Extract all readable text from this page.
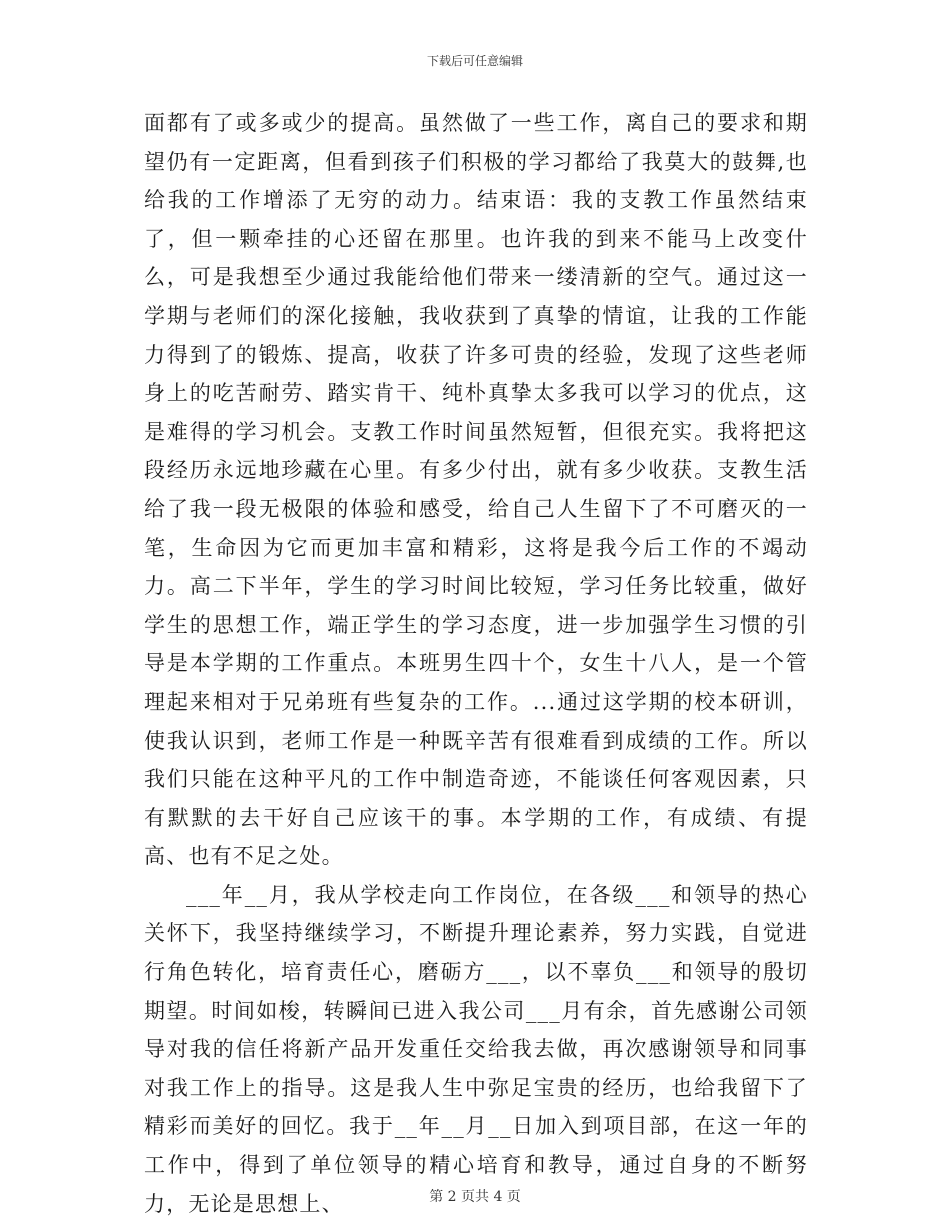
下载后可任意编辑

面都有了或多或少的提高。虽然做了一些工作，离自己的要求和期望仍有一定距离，但看到孩子们积极的学习都给了我莫大的鼓舞,也给我的工作增添了无穷的动力。结束语：我的支教工作虽然结束了，但一颗牵挂的心还留在那里。也许我的到来不能马上改变什么，可是我想至少通过我能给他们带来一缕清新的空气。通过这一学期与老师们的深化接触，我收获到了真挚的情谊，让我的工作能力得到了的锻炼、提高，收获了许多可贵的经验，发现了这些老师身上的吃苦耐劳、踏实肯干、纯朴真挚太多我可以学习的优点，这是难得的学习机会。支教工作时间虽然短暂，但很充实。我将把这段经历永远地珍藏在心里。有多少付出，就有多少收获。支教生活给了我一段无极限的体验和感受，给自己人生留下了不可磨灭的一笔，生命因为它而更加丰富和精彩，这将是我今后工作的不竭动力。高二下半年，学生的学习时间比较短，学习任务比较重，做好学生的思想工作，端正学生的学习态度，进一步加强学生习惯的引导是本学期的工作重点。本班男生四十个，女生十八人，是一个管理起来相对于兄弟班有些复杂的工作。...通过这学期的校本研训，使我认识到，老师工作是一种既辛苦有很难看到成绩的工作。所以我们只能在这种平凡的工作中制造奇迹，不能谈任何客观因素，只有默默的去干好自己应该干的事。本学期的工作，有成绩、有提高、也有不足之处。

___年__月，我从学校走向工作岗位，在各级___和领导的热心关怀下，我坚持继续学习，不断提升理论素养，努力实践，自觉进行角色转化，培育责任心，磨砺方___，以不辜负___和领导的殷切期望。时间如梭，转瞬间已进入我公司___月有余，首先感谢公司领导对我的信任将新产品开发重任交给我去做，再次感谢领导和同事对我工作上的指导。这是我人生中弥足宝贵的经历，也给我留下了精彩而美好的回忆。我于__年__月__日加入到项目部，在这一年的工作中，得到了单位领导的精心培育和教导，通过自身的不断努力，无论是思想上、	第 2 页共 4 页
